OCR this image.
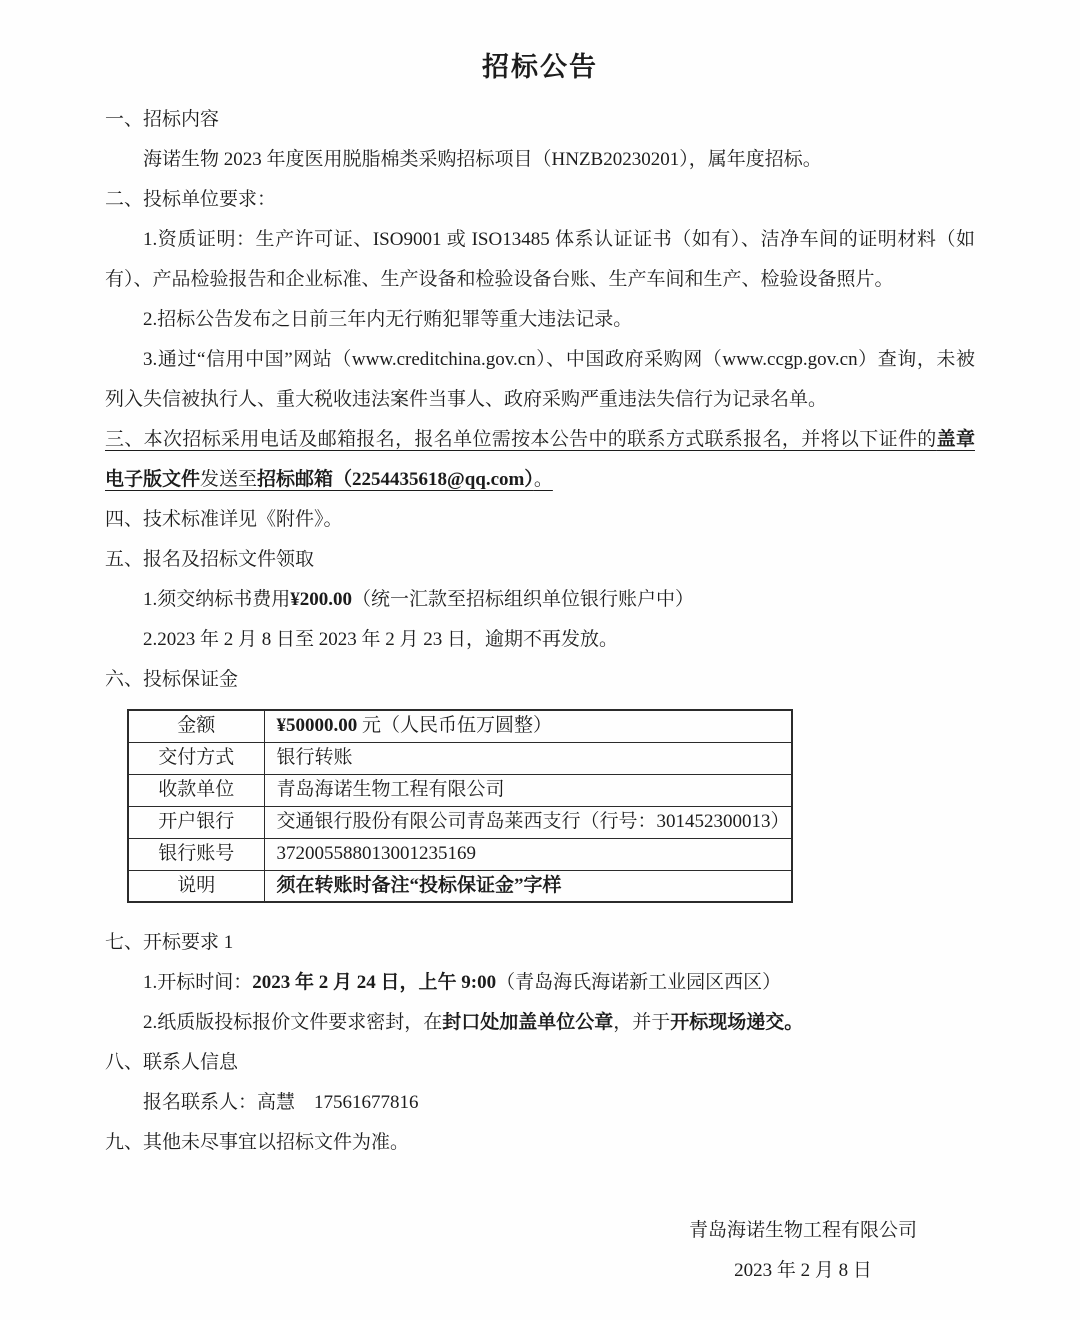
招标公告

一、招标内容

海诺生物 2023 年度医用脱脂棉类采购招标项目（HNZB20230201），属年度招标。

二、投标单位要求：

1.资质证明：生产许可证、ISO9001 或 ISO13485 体系认证证书（如有）、洁净车间的证明材料（如有）、产品检验报告和企业标准、生产设备和检验设备台账、生产车间和生产、检验设备照片。

2.招标公告发布之日前三年内无行贿犯罪等重大违法记录。

3.通过“信用中国”网站（www.creditchina.gov.cn）、中国政府采购网（www.ccgp.gov.cn）查询，未被列入失信被执行人、重大税收违法案件当事人、政府采购严重违法失信行为记录名单。

三、本次招标采用电话及邮箱报名，报名单位需按本公告中的联系方式联系报名，并将以下证件的盖章电子版文件发送至招标邮箱（2254435618@qq.com）。

四、技术标准详见《附件》。

五、报名及招标文件领取

1.须交纳标书费用¥200.00（统一汇款至招标组织单位银行账户中）

2.2023 年 2 月 8 日至 2023 年 2 月 23 日，逾期不再发放。

六、投标保证金

金额	¥50000.00 元（人民币伍万圆整）
交付方式	银行转账
收款单位	青岛海诺生物工程有限公司
开户银行	交通银行股份有限公司青岛莱西支行（行号：301452300013）
银行账号	372005588013001235169
说明	须在转账时备注“投标保证金”字样

七、开标要求 1

1.开标时间：2023 年 2 月 24 日，上午 9:00（青岛海氏海诺新工业园区西区）

2.纸质版投标报价文件要求密封，在封口处加盖单位公章，并于开标现场递交。

八、联系人信息

报名联系人：高慧　17561677816

九、其他未尽事宜以招标文件为准。

青岛海诺生物工程有限公司
2023 年 2 月 8 日
